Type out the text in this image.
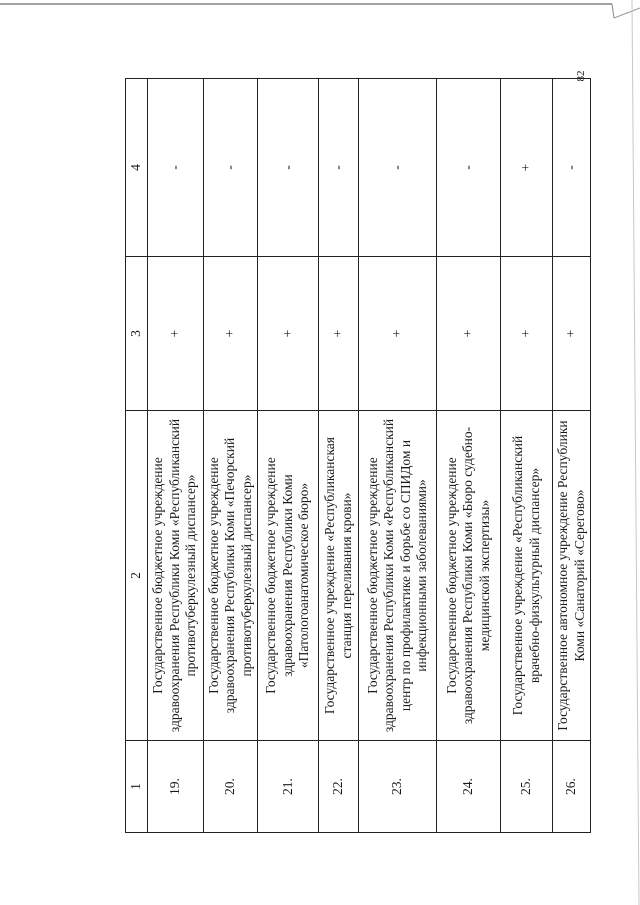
82
1	2	3	4
19.	Государственное бюджетное учреждение здравоохранения Республики Коми «Республиканский противотуберкулезный диспансер»	+	-
20.	Государственное бюджетное учреждение здравоохранения Республики Коми «Печорский противотуберкулезный диспансер»	+	-
21.	Государственное бюджетное учреждение здравоохранения Республики Коми «Патологоанатомическое бюро»	+	-
22.	Государственное учреждение «Республиканская станция переливания крови»	+	-
23.	Государственное бюджетное учреждение здравоохранения Республики Коми «Республиканский центр по профилактике и борьбе со СПИДом и инфекционными заболеваниями»	+	-
24.	Государственное бюджетное учреждение здравоохранения Республики Коми «Бюро судебно-медицинской экспертизы»	+	-
25.	Государственное учреждение «Республиканский врачебно-физкультурный диспансер»	+	+
26.	Государственное автономное учреждение Республики Коми «Санаторий «Серегово»	+	-
